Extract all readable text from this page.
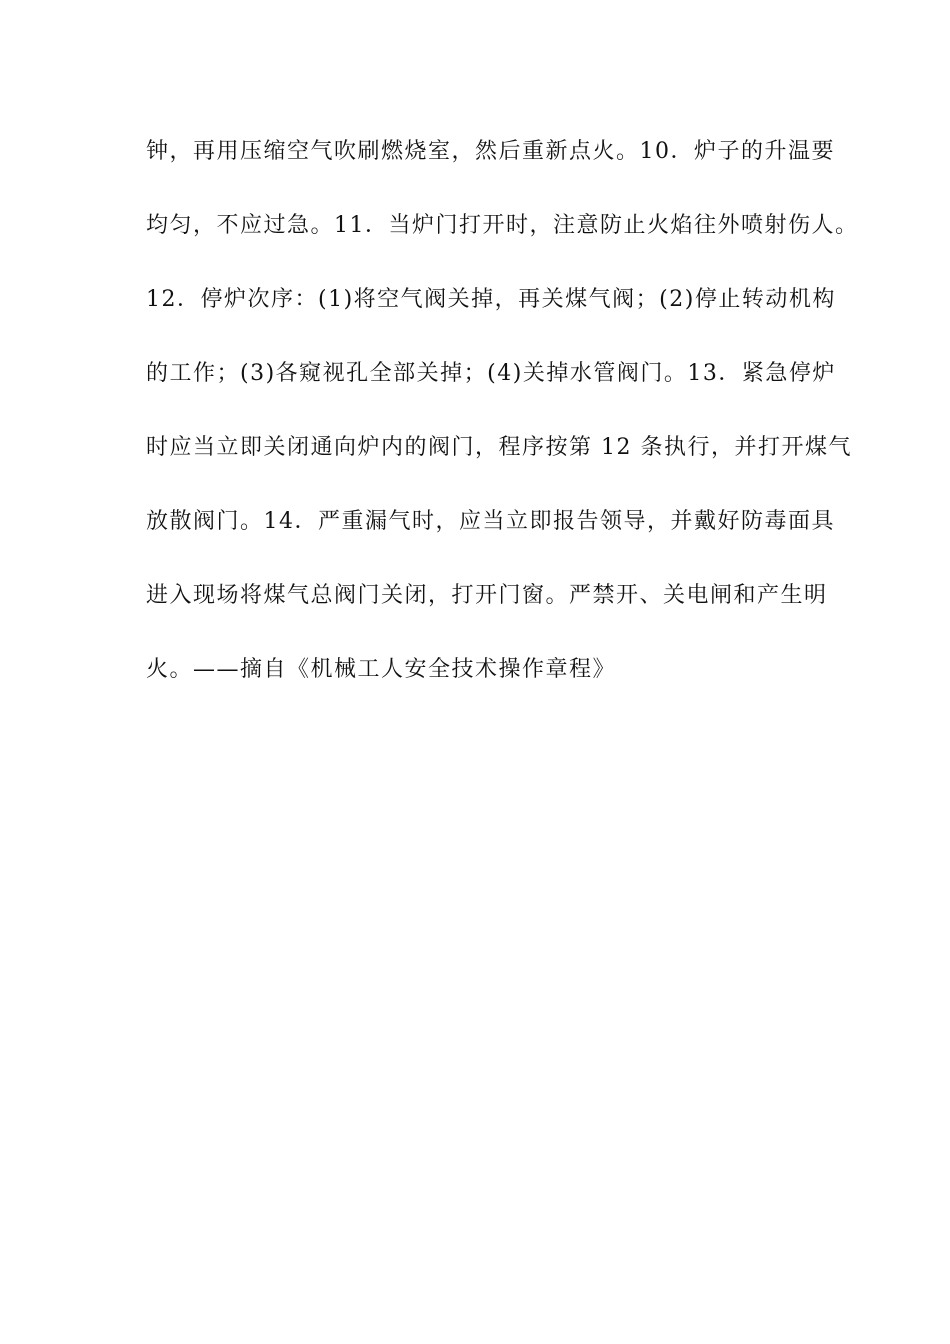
钟，再用压缩空气吹刷燃烧室，然后重新点火。10．炉子的升温要
均匀，不应过急。11．当炉门打开时，注意防止火焰往外喷射伤人。
12．停炉次序：(1)将空气阀关掉，再关煤气阀；(2)停止转动机构
的工作；(3)各窥视孔全部关掉；(4)关掉水管阀门。13．紧急停炉
时应当立即关闭通向炉内的阀门，程序按第 12 条执行，并打开煤气
放散阀门。14．严重漏气时，应当立即报告领导，并戴好防毒面具
进入现场将煤气总阀门关闭，打开门窗。严禁开、关电闸和产生明
火。——摘自《机械工人安全技术操作章程》
